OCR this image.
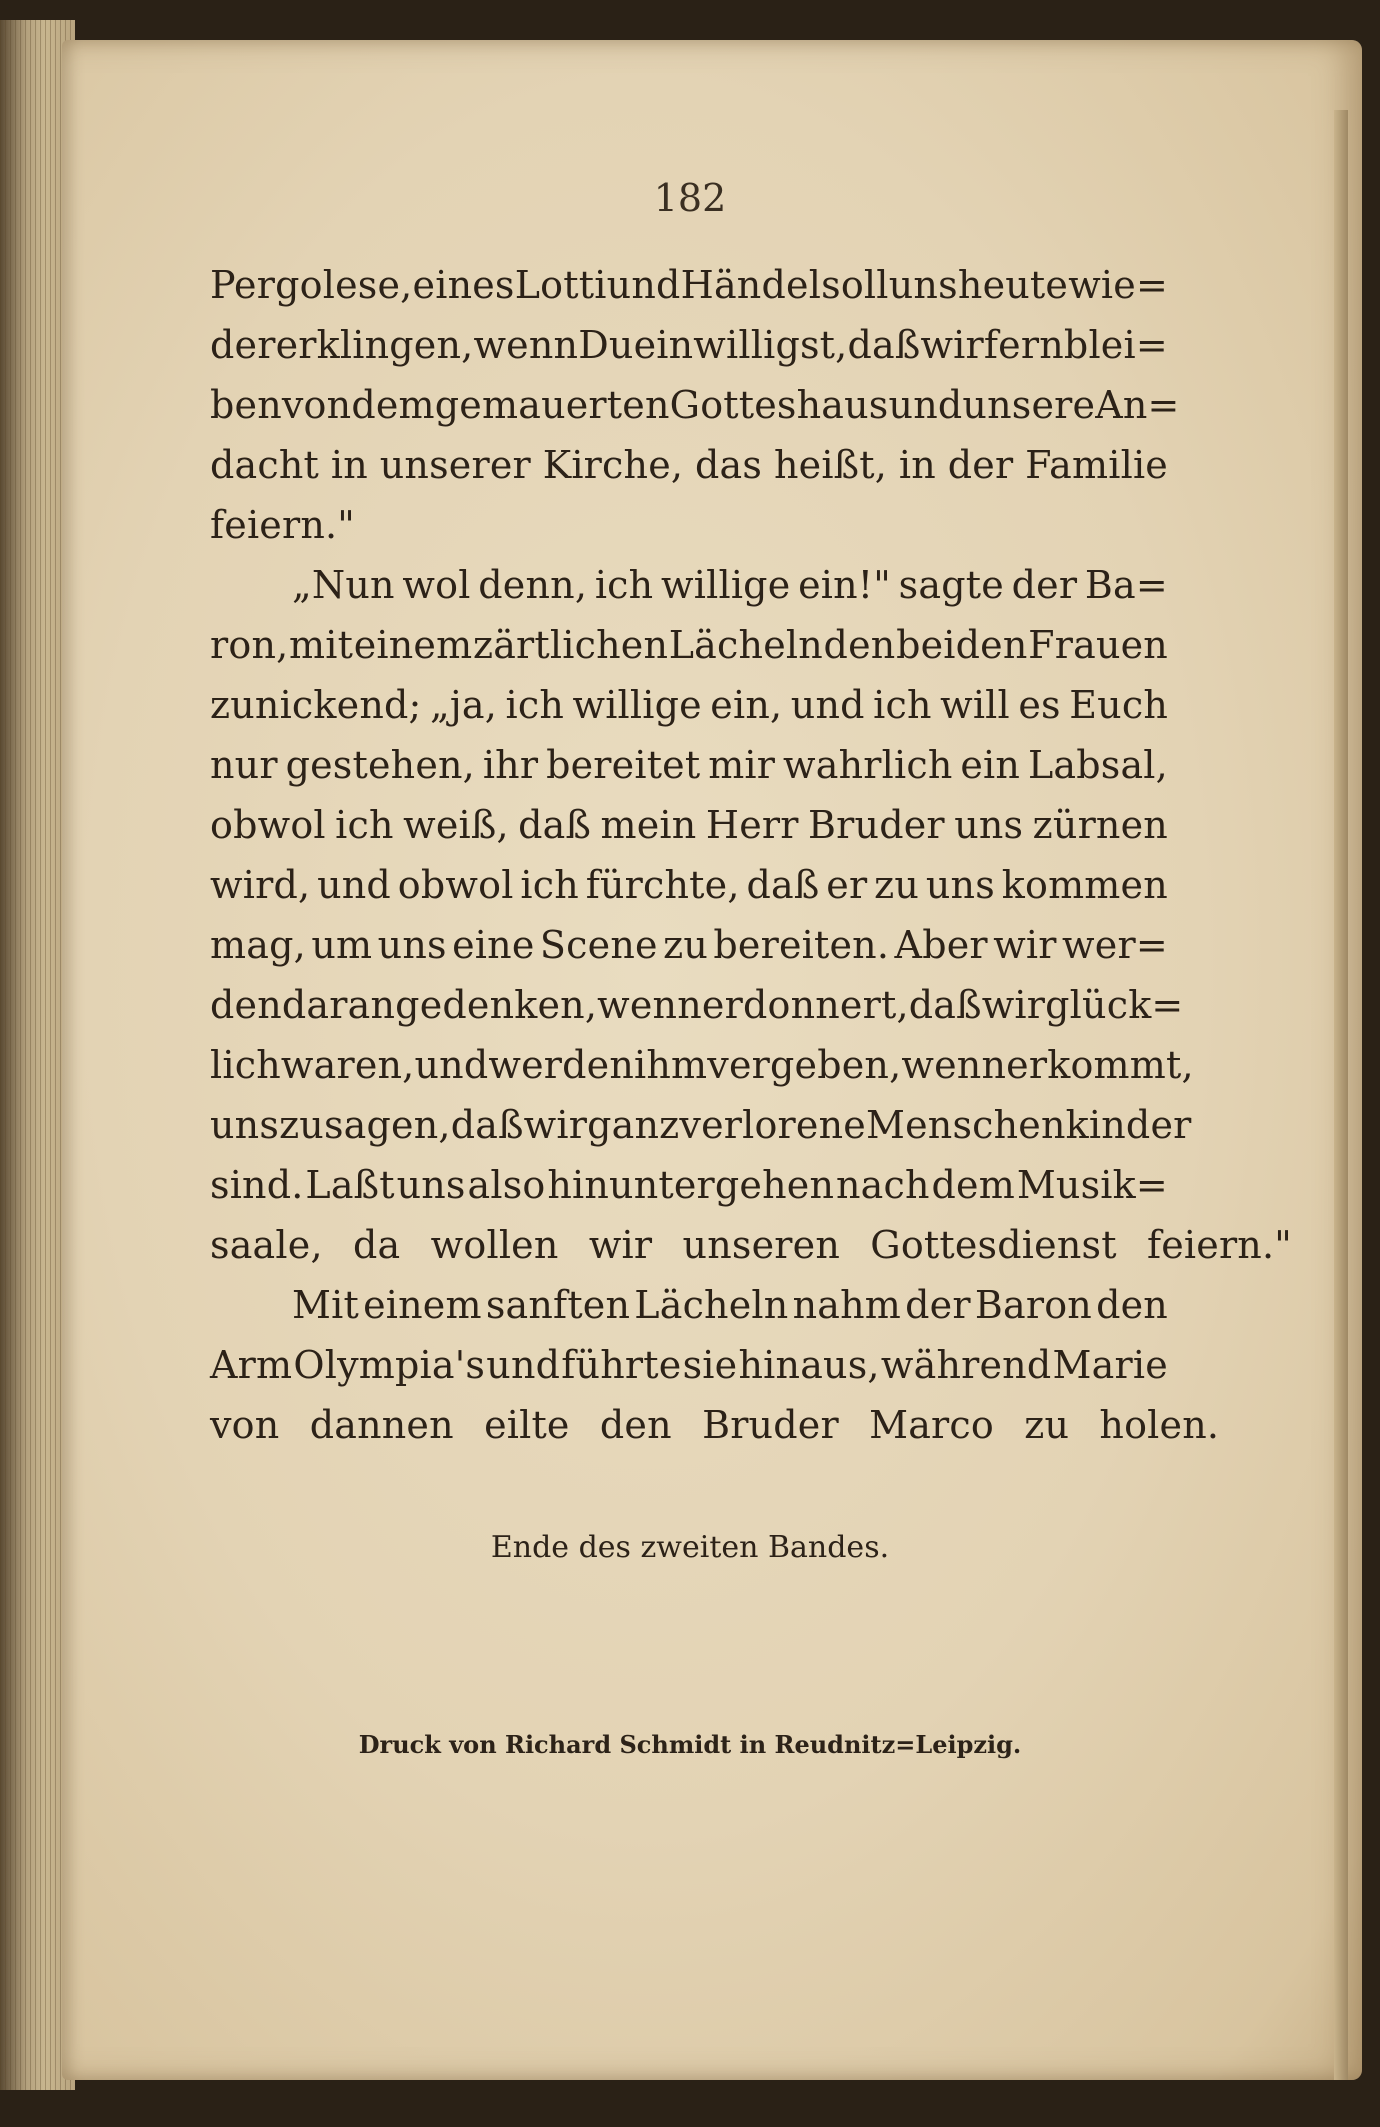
182
Pergolese, eines Lotti und Händel soll uns heute wie=
der erklingen, wenn Du einwilligst, daß wir fern blei=
ben von dem gemauerten Gotteshaus und unsere An=
dacht in unserer Kirche, das heißt, in der Familie
feiern."
„Nun wol denn, ich willige ein!" sagte der Ba=
ron, mit einem zärtlichen Lächeln den beiden Frauen
zunickend; „ja, ich willige ein, und ich will es Euch
nur gestehen, ihr bereitet mir wahrlich ein Labsal,
obwol ich weiß, daß mein Herr Bruder uns zürnen
wird, und obwol ich fürchte, daß er zu uns kommen
mag, um uns eine Scene zu bereiten. Aber wir wer=
den daran gedenken, wenn er donnert, daß wir glück=
lich waren, und werden ihm vergeben, wenn er kommt,
uns zu sagen, daß wir ganz verlorene Menschenkinder
sind. Laßt uns also hinuntergehen nach dem Musik=
saale, da wollen wir unseren Gottesdienst feiern."
Mit einem sanften Lächeln nahm der Baron den
Arm Olympia's und führte sie hinaus, während Marie
von dannen eilte den Bruder Marco zu holen.
Ende des zweiten Bandes.
Druck von Richard Schmidt in Reudnitz=Leipzig.
